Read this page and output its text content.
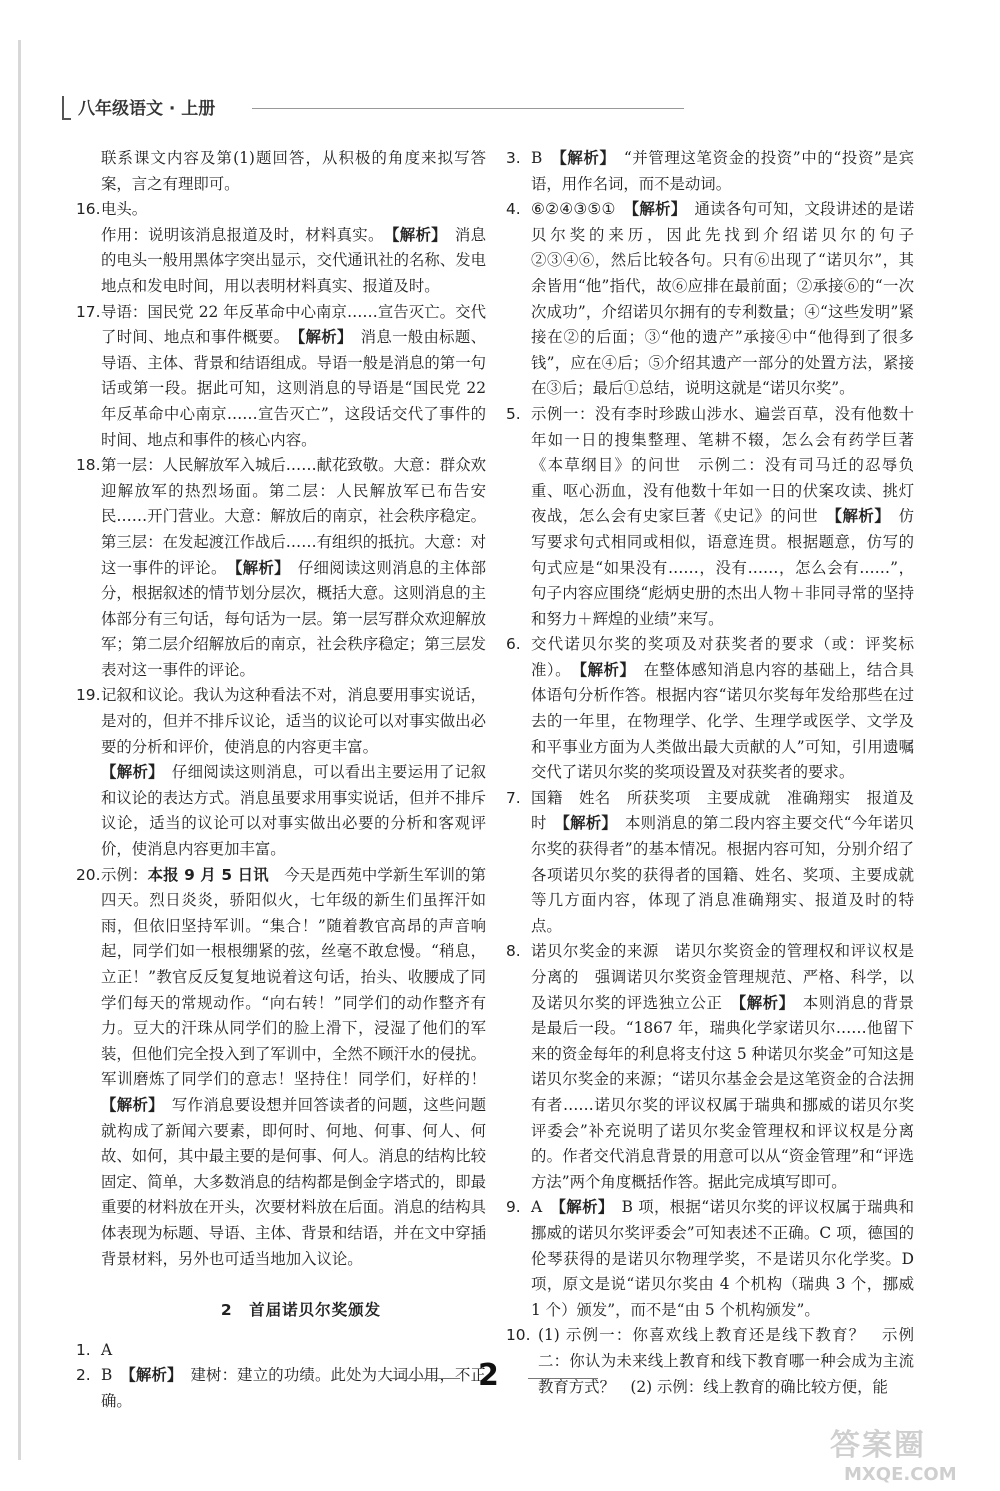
八年级语文 · 上册

联系课文内容及第(1)题回答，从积极的角度来拟写答案，言之有理即可。

16. 电头。
作用：说明该消息报道及时，材料真实。　 【解析】　 消息的电头一般用黑体字突出显示，交代通讯社的名称、发电地点和发电时间，用以表明材料真实、报道及时。

17. 导语：国民党 22 年反革命中心南京……宣告灭亡。交代了时间、地点和事件概要。　 【解析】　 消息一般由标题、导语、主体、背景和结语组成。导语一般是消息的第一句话或第一段。据此可知，这则消息的导语是“国民党 22 年反革命中心南京……宣告灭亡”，这段话交代了事件的时间、地点和事件的核心内容。

18. 第一层：人民解放军入城后……献花致敬。大意：群众欢迎解放军的热烈场面。第二层：人民解放军已布告安民……开门营业。大意：解放后的南京，社会秩序稳定。第三层：在发起渡江作战后……有组织的抵抗。大意：对这一事件的评论。　 【解析】　 仔细阅读这则消息的主体部分，根据叙述的情节划分层次，概括大意。这则消息的主体部分有三句话，每句话为一层。第一层写群众欢迎解放军；第二层介绍解放后的南京，社会秩序稳定；第三层发表对这一事件的评论。

19. 记叙和议论。我认为这种看法不对，消息要用事实说话，是对的，但并不排斥议论，适当的议论可以对事实做出必要的分析和评价，使消息的内容更丰富。
【解析】　 仔细阅读这则消息，可以看出主要运用了记叙和议论的表达方式。消息虽要求用事实说话，但并不排斥议论，适当的议论可以对事实做出必要的分析和客观评价，使消息内容更加丰富。

20. 示例：本报 9 月 5 日讯　 今天是西苑中学新生军训的第四天。烈日炎炎，骄阳似火，七年级的新生们虽挥汗如雨，但依旧坚持军训。“集合！”随着教官高昂的声音响起，同学们如一根根绷紧的弦，丝毫不敢怠慢。“稍息，立正！”教官反反复复地说着这句话，抬头、收腰成了同学们每天的常规动作。“向右转！”同学们的动作整齐有力。豆大的汗珠从同学们的脸上滑下，浸湿了他们的军装，但他们完全投入到了军训中，全然不顾汗水的侵扰。军训磨炼了同学们的意志！坚持住！同学们，好样的！　【解析】　 写作消息要设想并回答读者的问题，这些问题就构成了新闻六要素，即何时、何地、何事、何人、何故、如何，其中最主要的是何事、何人。消息的结构比较固定、简单，大多数消息的结构都是倒金字塔式的，即最重要的材料放在开头，次要材料放在后面。消息的结构具体表现为标题、导语、主体、背景和结语，并在文中穿插背景材料，另外也可适当地加入议论。

2　首届诺贝尔奖颁发

1. A

2. B　 【解析】　 建树：建立的功绩。此处为大词小用，不正确。

3. B　 【解析】　 “并管理这笔资金的投资”中的“投资”是宾语，用作名词，而不是动词。

4. ⑥②④③⑤①　 【解析】　 通读各句可知，文段讲述的是诺贝尔奖的来历，因此先找到介绍诺贝尔的句子②③④⑥，然后比较各句。只有⑥出现了“诺贝尔”，其余皆用“他”指代，故⑥应排在最前面；②承接⑥的“一次次成功”，介绍诺贝尔拥有的专利数量；④“这些发明”紧接在②的后面；③“他的遗产”承接④中“他得到了很多钱”，应在④后；⑤介绍其遗产一部分的处置方法，紧接在③后；最后①总结，说明这就是“诺贝尔奖”。

5. 示例一：没有李时珍跋山涉水、遍尝百草，没有他数十年如一日的搜集整理、笔耕不辍，怎么会有药学巨著《本草纲目》的问世　示例二：没有司马迁的忍辱负重、呕心沥血，没有他数十年如一日的伏案攻读、挑灯夜战，怎么会有史家巨著《史记》的问世　 【解析】　 仿写要求句式相同或相似，语意连贯。根据题意，仿写的句式应是“如果没有……，没有……，怎么会有……”，句子内容应围绕“彪炳史册的杰出人物＋非同寻常的坚持和努力＋辉煌的业绩”来写。

6. 交代诺贝尔奖的奖项及对获奖者的要求（或：评奖标准）。　 【解析】　 在整体感知消息内容的基础上，结合具体语句分析作答。根据内容“诺贝尔奖每年发给那些在过去的一年里，在物理学、化学、生理学或医学、文学及和平事业方面为人类做出最大贡献的人”可知，引用遗嘱交代了诺贝尔奖的奖项设置及对获奖者的要求。

7. 国籍　姓名　所获奖项　主要成就　准确翔实　报道及时　 【解析】　 本则消息的第二段内容主要交代“今年诺贝尔奖的获得者”的基本情况。根据内容可知，分别介绍了各项诺贝尔奖的获得者的国籍、姓名、奖项、主要成就等几方面内容，体现了消息准确翔实、报道及时的特点。

8. 诺贝尔奖金的来源　诺贝尔奖资金的管理权和评议权是分离的　强调诺贝尔奖资金管理规范、严格、科学，以及诺贝尔奖的评选独立公正　 【解析】　 本则消息的背景是最后一段。“1867 年，瑞典化学家诺贝尔……他留下来的资金每年的利息将支付这 5 种诺贝尔奖金”可知这是诺贝尔奖金的来源；“诺贝尔基金会是这笔资金的合法拥有者……诺贝尔奖的评议权属于瑞典和挪威的诺贝尔奖评委会”补充说明了诺贝尔奖金管理权和评议权是分离的。作者交代消息背景的用意可以从“资金管理”和“评选方法”两个角度概括作答。据此完成填写即可。

9. A　 【解析】　 B 项，根据“诺贝尔奖的评议权属于瑞典和挪威的诺贝尔奖评委会”可知表述不正确。C 项，德国的伦琴获得的是诺贝尔物理学奖，不是诺贝尔化学奖。D 项，原文是说“诺贝尔奖由 4 个机构（瑞典 3 个，挪威 1 个）颁发”，而不是“由 5 个机构颁发”。

10. (1) 示例一：你喜欢线上教育还是线下教育？　示例二：你认为未来线上教育和线下教育哪一种会成为主流教育方式？　(2) 示例：线上教育的确比较方便，能

2
答案圈
MXQE.COM
